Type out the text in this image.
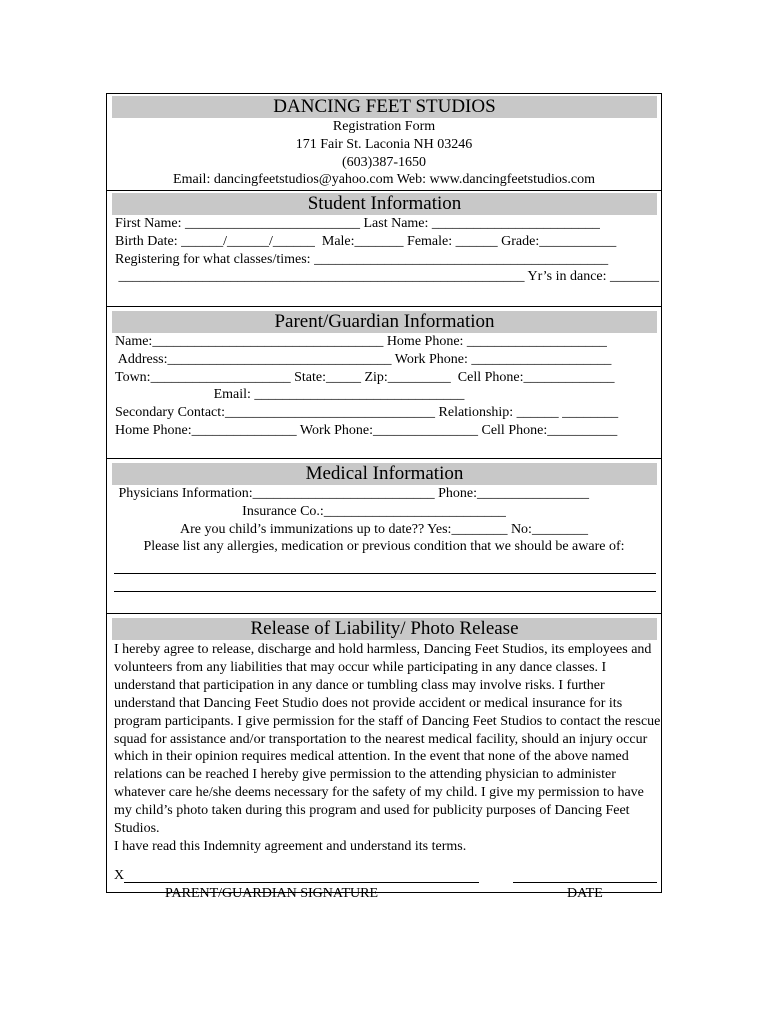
DANCING FEET STUDIOS
Registration Form
171 Fair St. Laconia NH 03246
(603)387-1650
Email: dancingfeetstudios@yahoo.com Web: www.dancingfeetstudios.com
Student Information
First Name: _________________________ Last Name: ________________________
Birth Date: ______/______/______  Male:_______ Female: ______ Grade:___________
Registering for what classes/times: __________________________________________
__________________________________________________________ Yr’s in dance: _______
Parent/Guardian Information
Name:_________________________________ Home Phone: ____________________
Address:________________________________ Work Phone: ____________________
Town:____________________ State:_____ Zip:_________  Cell Phone:_____________
Email: ______________________________
Secondary Contact:______________________________ Relationship: ______ ________
Home Phone:_______________ Work Phone:_______________ Cell Phone:__________
Medical Information
Physicians Information:__________________________ Phone:________________
Insurance Co.:__________________________
Are you child’s immunizations up to date?? Yes:________ No:________
Please list any allergies, medication or previous condition that we should be aware of:
Release of Liability/ Photo Release
I hereby agree to release, discharge and hold harmless, Dancing Feet Studios, its employees and volunteers from any liabilities that may occur while participating in any dance classes. I understand that participation in any dance or tumbling class may involve risks. I further understand that Dancing Feet Studio does not provide accident or medical insurance for its program participants. I give permission for the staff of Dancing Feet Studios to contact the rescue squad for assistance and/or transportation to the nearest medical facility, should an injury occur which in their opinion requires medical attention. In the event that none of the above named relations can be reached I hereby give permission to the attending physician to administer whatever care he/she deems necessary for the safety of my child. I give my permission to have my child’s photo taken during this program and used for publicity purposes of Dancing Feet Studios.
I have read this Indemnity agreement and understand its terms.
X
PARENT/GUARDIAN SIGNATURE	DATE
